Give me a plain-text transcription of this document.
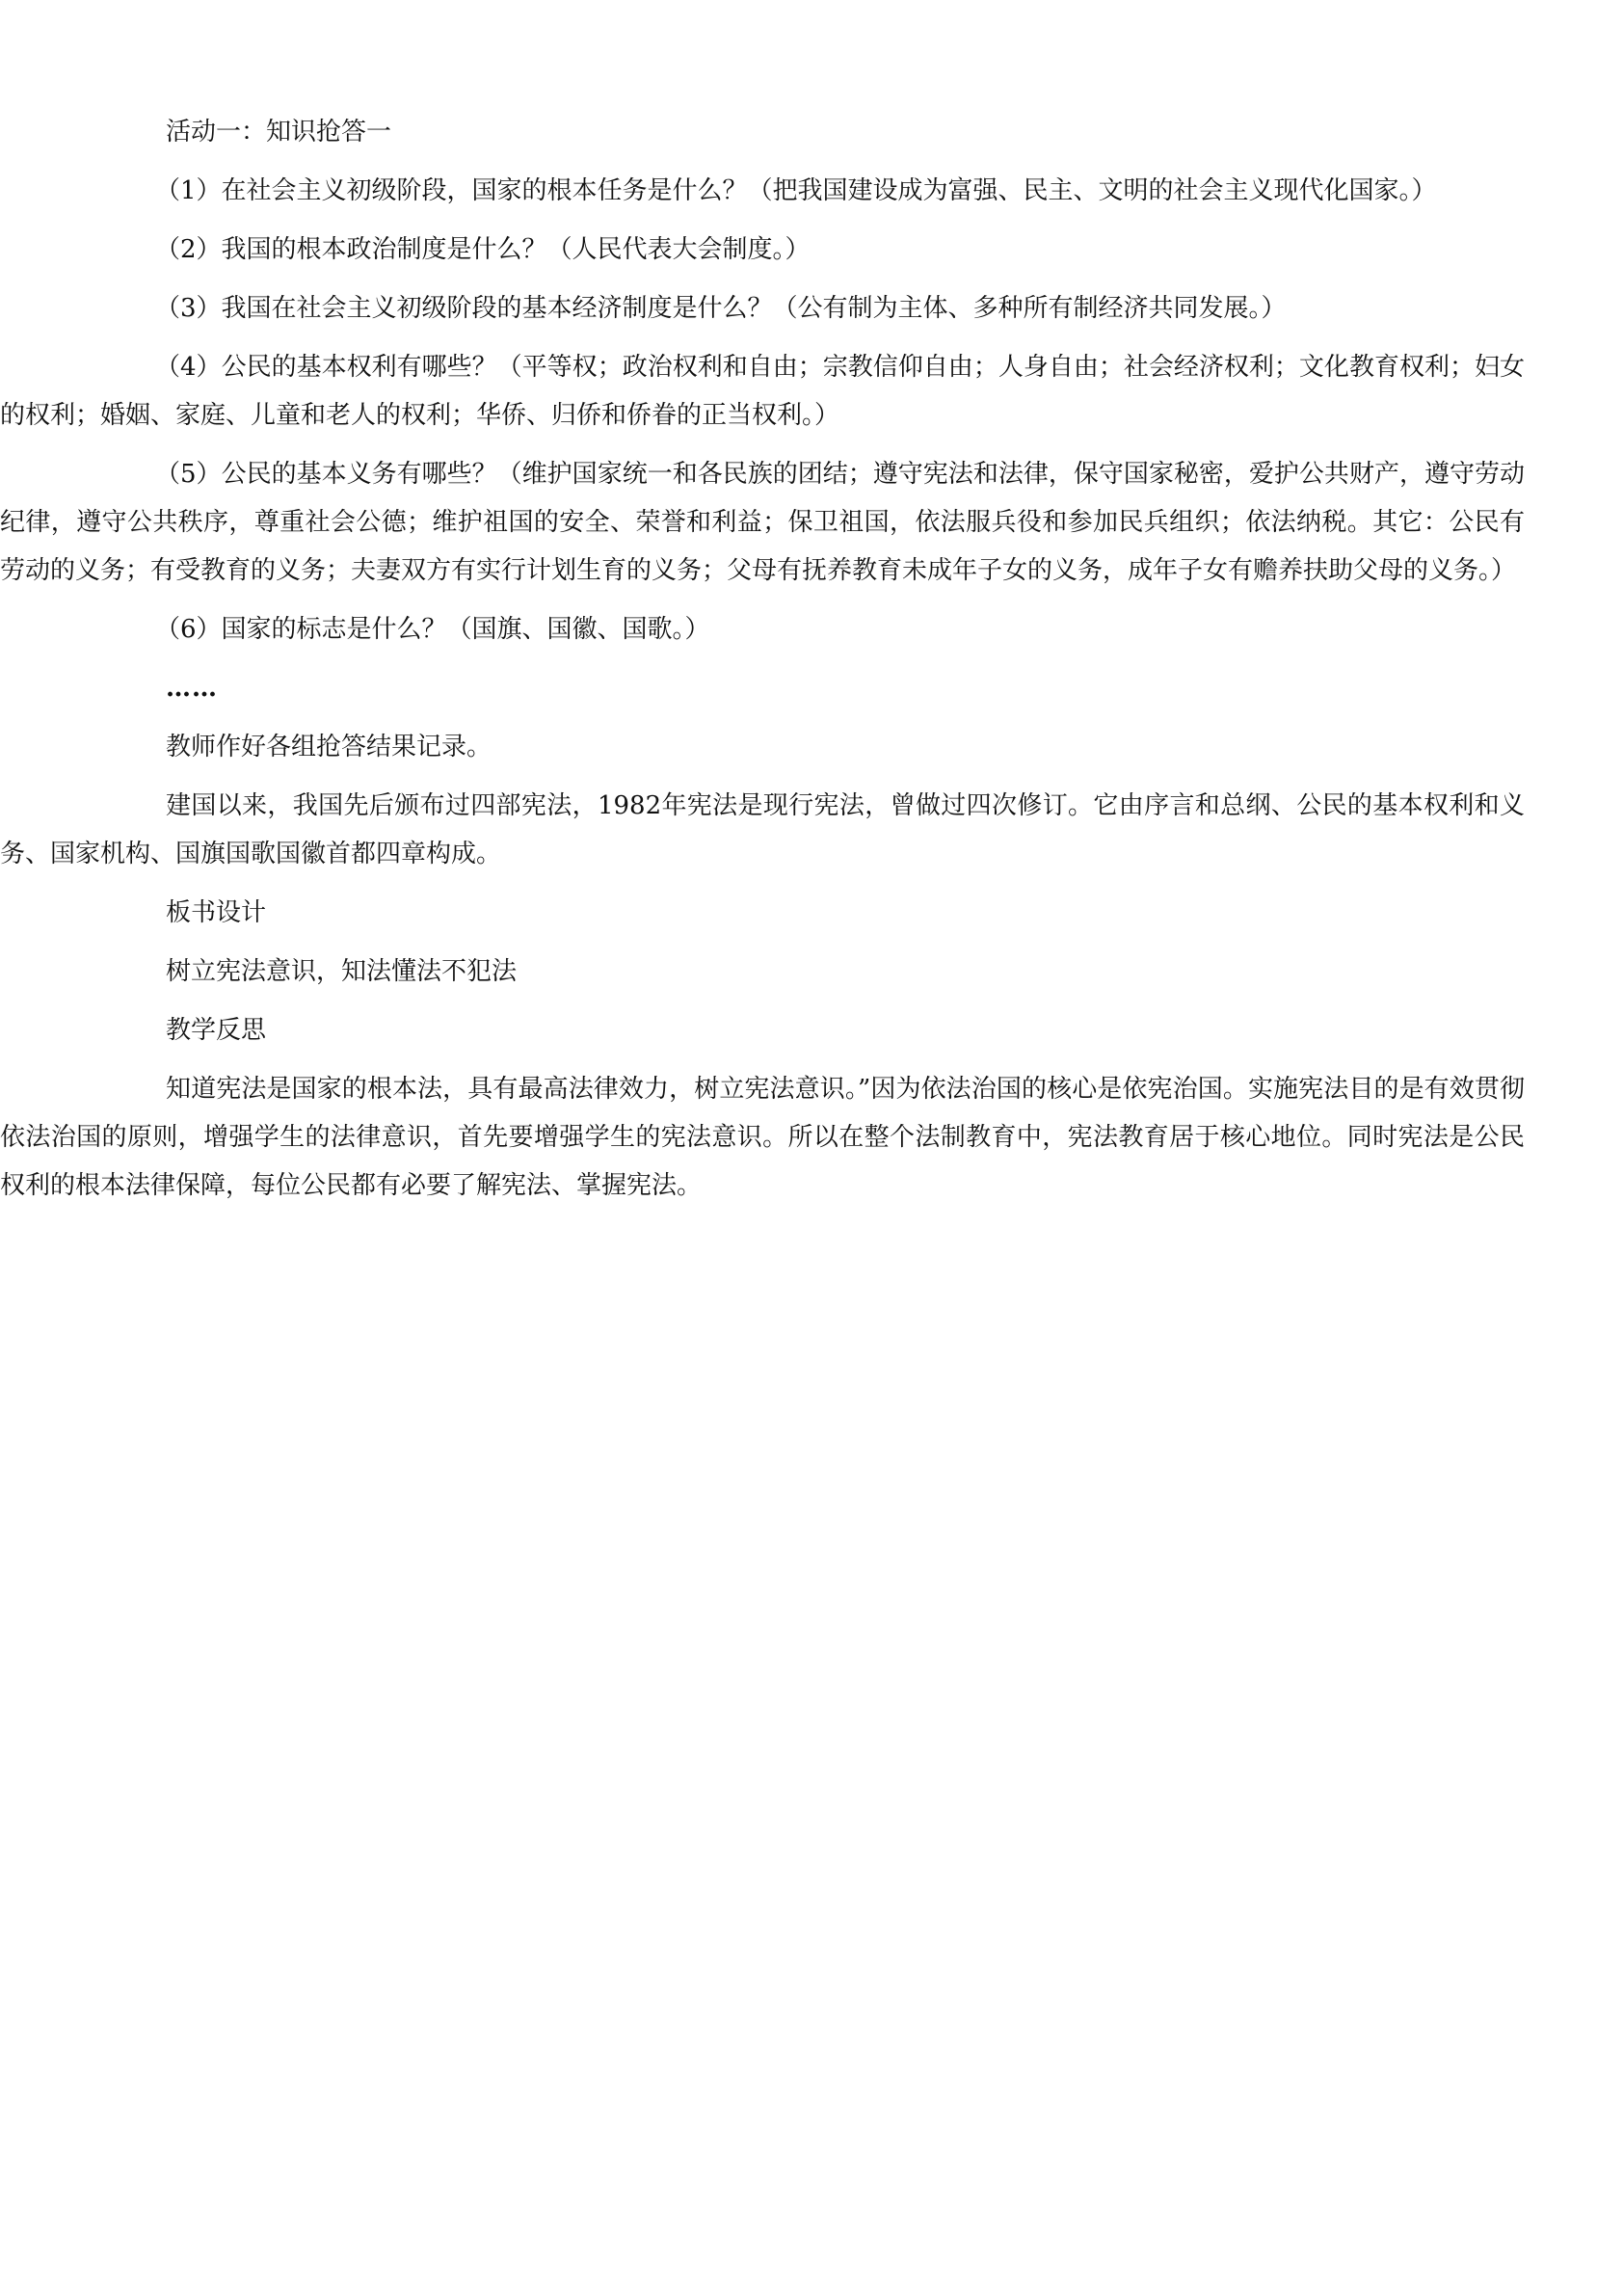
活动一：知识抢答一

（1）在社会主义初级阶段，国家的根本任务是什么？（把我国建设成为富强、民主、文明的社会主义现代化国家。）
（2）我国的根本政治制度是什么？（人民代表大会制度。）
（3）我国在社会主义初级阶段的基本经济制度是什么？（公有制为主体、多种所有制经济共同发展。）
（4）公民的基本权利有哪些？（平等权；政治权利和自由；宗教信仰自由；人身自由；社会经济权利；文化教育权利；妇女的权利；婚姻、家庭、儿童和老人的权利；华侨、归侨和侨眷的正当权利。）
（5）公民的基本义务有哪些？（维护国家统一和各民族的团结；遵守宪法和法律，保守国家秘密，爱护公共财产，遵守劳动纪律，遵守公共秩序，尊重社会公德；维护祖国的安全、荣誉和利益；保卫祖国，依法服兵役和参加民兵组织；依法纳税。其它：公民有劳动的义务；有受教育的义务；夫妻双方有实行计划生育的义务；父母有抚养教育未成年子女的义务，成年子女有赡养扶助父母的义务。）
（6）国家的标志是什么？（国旗、国徽、国歌。）

……

教师作好各组抢答结果记录。

建国以来，我国先后颁布过四部宪法，1982年宪法是现行宪法，曾做过四次修订。它由序言和总纲、公民的基本权利和义务、国家机构、国旗国歌国徽首都四章构成。

板书设计

树立宪法意识，知法懂法不犯法

教学反思

知道宪法是国家的根本法，具有最高法律效力，树立宪法意识。”因为依法治国的核心是依宪治国。实施宪法目的是有效贯彻依法治国的原则，增强学生的法律意识，首先要增强学生的宪法意识。所以在整个法制教育中，宪法教育居于核心地位。同时宪法是公民权利的根本法律保障，每位公民都有必要了解宪法、掌握宪法。
